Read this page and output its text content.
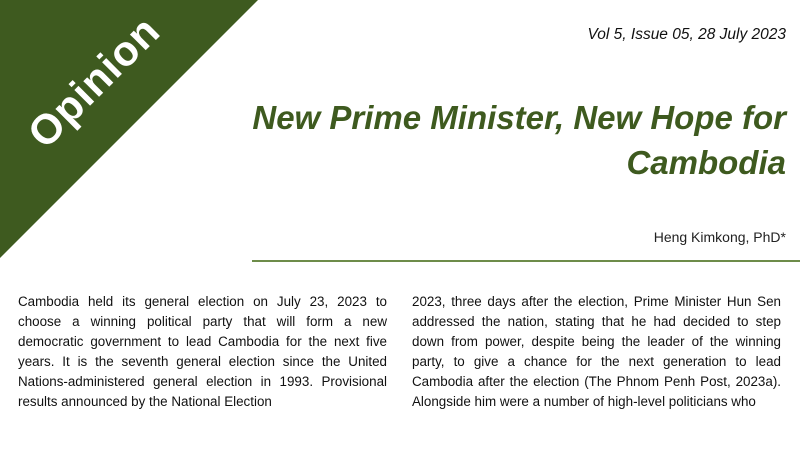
Opinion	Vol 5, Issue 05, 28 July 2023
New Prime Minister, New Hope for Cambodia
Heng Kimkong, PhD*

Cambodia held its general election on July 23, 2023 to choose a winning political party that will form a new democratic government to lead Cambodia for the next five years. It is the seventh general election since the United Nations-administered general election in 1993. Provisional results announced by the National Election

2023, three days after the election, Prime Minister Hun Sen addressed the nation, stating that he had decided to step down from power, despite being the leader of the winning party, to give a chance for the next generation to lead Cambodia after the election (The Phnom Penh Post, 2023a). Alongside him were a number of high-level politicians who
